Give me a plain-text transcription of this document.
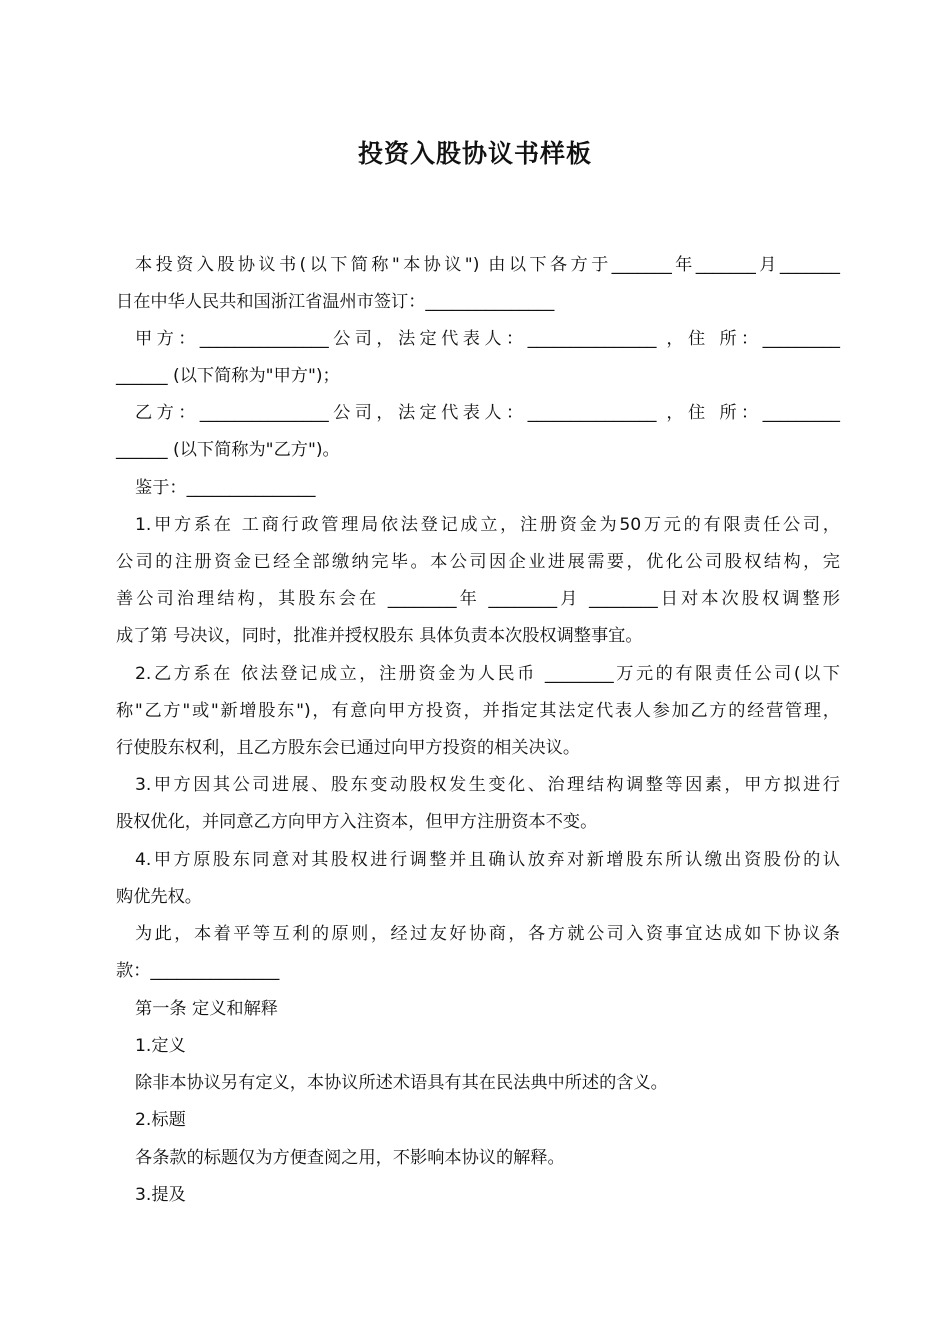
投资入股协议书样板
本投资入股协议书(以下简称"本协议") 由以下各方于_______年_______月_______
日在中华人民共和国浙江省温州市签订：_______________
甲方：_______________公司，法定代表人：_______________ ，住 所：_________
______ (以下简称为"甲方")；
乙方：_______________公司，法定代表人：_______________ ，住 所：_________
______ (以下简称为"乙方")。
鉴于：_______________
1.甲方系在 工商行政管理局依法登记成立，注册资金为50万元的有限责任公司，
公司的注册资金已经全部缴纳完毕。本公司因企业进展需要，优化公司股权结构，完
善公司治理结构，其股东会在 ________年 ________月 ________日对本次股权调整形
成了第 号决议，同时，批准并授权股东 具体负责本次股权调整事宜。
2.乙方系在 依法登记成立，注册资金为人民币 ________万元的有限责任公司(以下
称"乙方"或"新增股东")，有意向甲方投资，并指定其法定代表人参加乙方的经营管理，
行使股东权利，且乙方股东会已通过向甲方投资的相关决议。
3.甲方因其公司进展、股东变动股权发生变化、治理结构调整等因素，甲方拟进行
股权优化，并同意乙方向甲方入注资本，但甲方注册资本不变。
4.甲方原股东同意对其股权进行调整并且确认放弃对新增股东所认缴出资股份的认
购优先权。
为此，本着平等互利的原则，经过友好协商，各方就公司入资事宜达成如下协议条
款：_______________
第一条 定义和解释
1.定义
除非本协议另有定义，本协议所述术语具有其在民法典中所述的含义。
2.标题
各条款的标题仅为方便查阅之用，不影响本协议的解释。
3.提及
